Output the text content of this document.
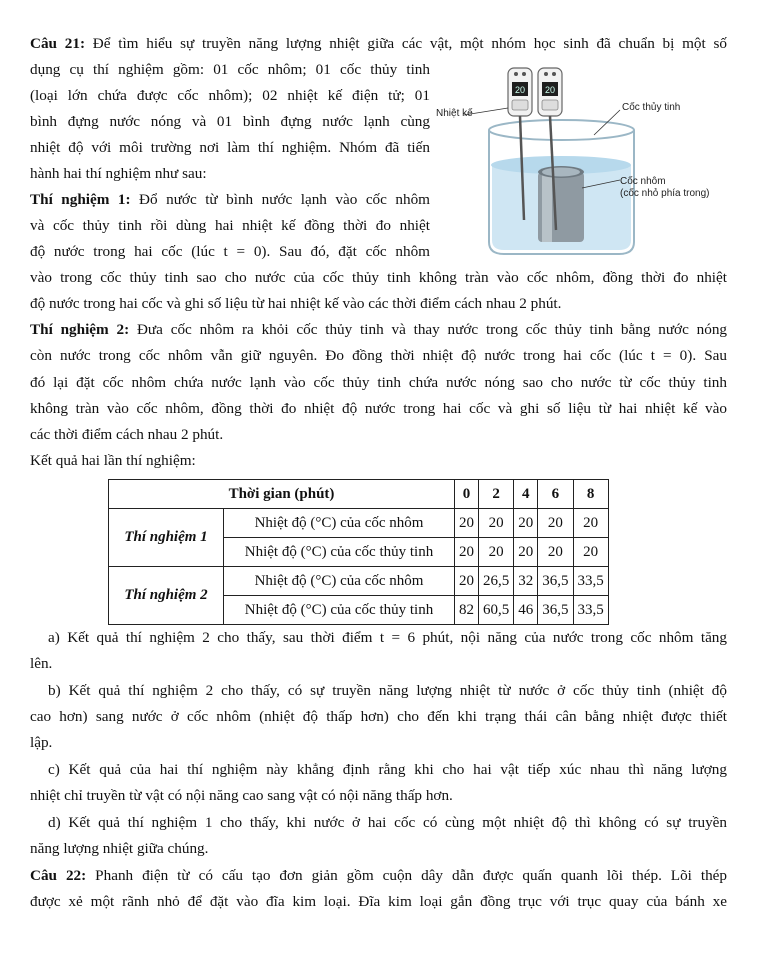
Câu 21: Để tìm hiểu sự truyền năng lượng nhiệt giữa các vật, một nhóm học sinh đã chuẩn bị một số
dụng cụ thí nghiệm gồm: 01 cốc nhôm; 01 cốc thủy tinh
(loại lớn chứa được cốc nhôm); 02 nhiệt kế điện tử; 01
bình đựng nước nóng và 01 bình đựng nước lạnh cùng
nhiệt độ với môi trường nơi làm thí nghiệm. Nhóm đã tiến
hành hai thí nghiệm như sau:
Thí nghiệm 1: Đổ nước từ bình nước lạnh vào cốc nhôm
và cốc thủy tinh rồi dùng hai nhiệt kế đồng thời đo nhiệt
độ nước trong hai cốc (lúc t = 0). Sau đó, đặt cốc nhôm
vào trong cốc thủy tinh sao cho nước của cốc thủy tinh không tràn vào cốc nhôm, đồng thời đo nhiệt
độ nước trong hai cốc và ghi số liệu từ hai nhiệt kế vào các thời điểm cách nhau 2 phút.
Thí nghiệm 2: Đưa cốc nhôm ra khỏi cốc thủy tinh và thay nước trong cốc thủy tinh bằng nước nóng
còn nước trong cốc nhôm vẫn giữ nguyên. Đo đồng thời nhiệt độ nước trong hai cốc (lúc t = 0). Sau
đó lại đặt cốc nhôm chứa nước lạnh vào cốc thủy tinh chứa nước nóng sao cho nước từ cốc thủy tinh
không tràn vào cốc nhôm, đồng thời đo nhiệt độ nước trong hai cốc và ghi số liệu từ hai nhiệt kế vào
các thời điểm cách nhau 2 phút.
Kết quả hai lần thí nghiệm:
20 20
Nhiệt kế
Cốc thủy tinh
Cốc nhôm
(cốc nhỏ phía trong)
Thời gian (phút)		0	2	4	6	8
Thí nghiệm 1	Nhiệt độ (°C) của cốc nhôm	20	20	20	20	20
	Nhiệt độ (°C) của cốc thủy tinh	20	20	20	20	20
Thí nghiệm 2	Nhiệt độ (°C) của cốc nhôm	20	26,5	32	36,5	33,5
	Nhiệt độ (°C) của cốc thủy tinh	82	60,5	46	36,5	33,5
a) Kết quả thí nghiệm 2 cho thấy, sau thời điểm t = 6 phút, nội năng của nước trong cốc nhôm tăng
lên.
b) Kết quả thí nghiệm 2 cho thấy, có sự truyền năng lượng nhiệt từ nước ở cốc thủy tinh (nhiệt độ
cao hơn) sang nước ở cốc nhôm (nhiệt độ thấp hơn) cho đến khi trạng thái cân bằng nhiệt được thiết
lập.
c) Kết quả của hai thí nghiệm này khẳng định rằng khi cho hai vật tiếp xúc nhau thì năng lượng
nhiệt chỉ truyền từ vật có nội năng cao sang vật có nội năng thấp hơn.
d) Kết quả thí nghiệm 1 cho thấy, khi nước ở hai cốc có cùng một nhiệt độ thì không có sự truyền
năng lượng nhiệt giữa chúng.
Câu 22: Phanh điện từ có cấu tạo đơn giản gồm cuộn dây dẫn được quấn quanh lõi thép. Lõi thép
được xẻ một rãnh nhỏ để đặt vào đĩa kim loại. Đĩa kim loại gắn đồng trục với trục quay của bánh xe
